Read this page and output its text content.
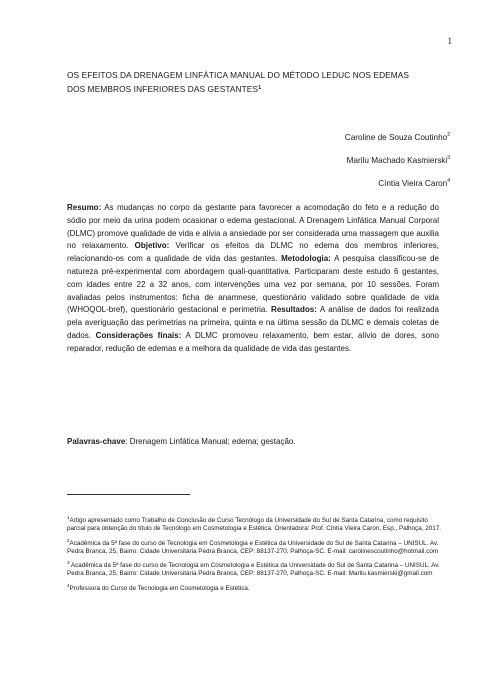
1
OS EFEITOS DA DRENAGEM LINFÁTICA MANUAL DO MÉTODO LEDUC NOS EDEMAS DOS MEMBROS INFERIORES DAS GESTANTES$^1$
Caroline de Souza Coutinho$^2$
Marilu Machado Kasmierski$^3$
Cíntia Vieira Caron$^4$

Resumo: As mudanças no corpo da gestante para favorecer a acomodação do feto e a redução do sódio por meio da urina podem ocasionar o edema gestacional. A Drenagem Linfática Manual Corporal (DLMC) promove qualidade de vida e alivia a ansiedade por ser considerada uma massagem que auxilia no relaxamento. Objetivo: Verificar os efeitos da DLMC no edema dos membros inferiores, relacionando-os com a qualidade de vida das gestantes. Metodologia: A pesquisa classificou-se de natureza pré-experimental com abordagem quali-quantitativa. Participaram deste estudo 6 gestantes, com idades entre 22 a 32 anos, com intervenções uma vez por semana, por 10 sessões. Foram avaliadas pelos instrumentos: ficha de anamnese, questionário validado sobre qualidade de vida (WHOQOL-bref), questionário gestacional e perimetria. Resultados: A análise de dados foi realizada pela averiguação das perimetrias na primeira, quinta e na última sessão da DLMC e demais coletas de dados. Considerações finais: A DLMC promoveu relaxamento, bem estar, alívio de dores, sono reparador, redução de edemas e a melhora da qualidade de vida das gestantes.

Palavras-chave: Drenagem Linfática Manual; edema; gestação.

$^1$Artigo apresentado como Trabalho de Conclusão de Curso Tecnólogo da Universidade do Sul de Santa Catarina, como requisito parcial para obtenção do título de Tecnólogo em Cosmetologia e Estética. Orientadora: Prof. Cíntia Vieira Caron, Esp., Palhoça, 2017.

$^2$Acadêmica da 5ª fase do curso de Tecnologia em Cosmetologia e Estética da Universidade do Sul de Santa Catarina – UNISUL. Av. Pedra Branca, 25, Bairro: Cidade Universitária Pedra Branca, CEP: 88137-270, Palhoça-SC. E-mail: carolinescoutinho@hotmail.com

$^3$ Acadêmica da 5ª fase do curso de Tecnologia em Cosmetologia e Estética da Universidade do Sul de Santa Catarina – UNISUL. Av. Pedra Branca, 25, Bairro: Cidade Universitária Pedra Branca, CEP: 88137-270, Palhoça-SC. E-mail: Marilu.kasmierski@gmail.com

$^4$Professora do Curso de Tecnologia em Cosmetologia e Estética.
